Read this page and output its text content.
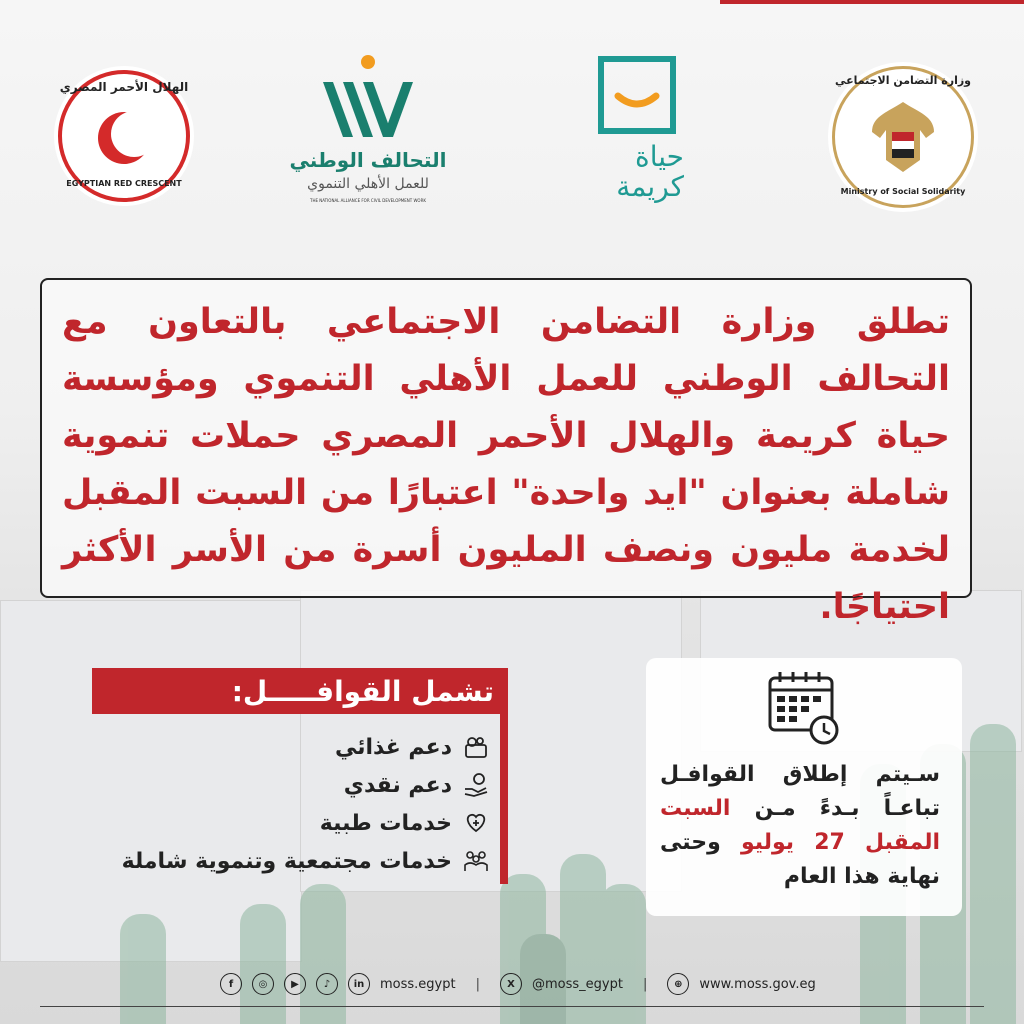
الهلال الأحمر المصري
EGYPTIAN RED CRESCENT
التحالف الوطني
للعمل الأهلي التنموي
THE NATIONAL ALLIANCE FOR CIVIL DEVELOPMENT WORK
حياة
كريمة
وزارة التضامن الاجتماعي
Ministry of Social Solidarity
تطلق وزارة التضامن الاجتماعي بالتعاون مع التحالف الوطني للعمل الأهلي التنموي ومؤسسة حياة كريمة والهلال الأحمر المصري حملات تنموية شاملة بعنوان "ايد واحدة" اعتبارًا من السبت المقبل لخدمة مليون ونصف المليون أسرة من الأسر الأكثر احتياجًا.
تشمل القوافـــــل:
دعم غذائي
دعم نقدي
خدمات طبية
خدمات مجتمعية وتنموية شاملة
سـيتم إطلاق القوافـل تباعـاً بـدءً مـن السبت المقبل 27 يوليو وحتى نهاية هذا العام
f	◎	▶	♪	in	moss.egypt |	X	@moss_egypt |	⊕	www.moss.gov.eg
